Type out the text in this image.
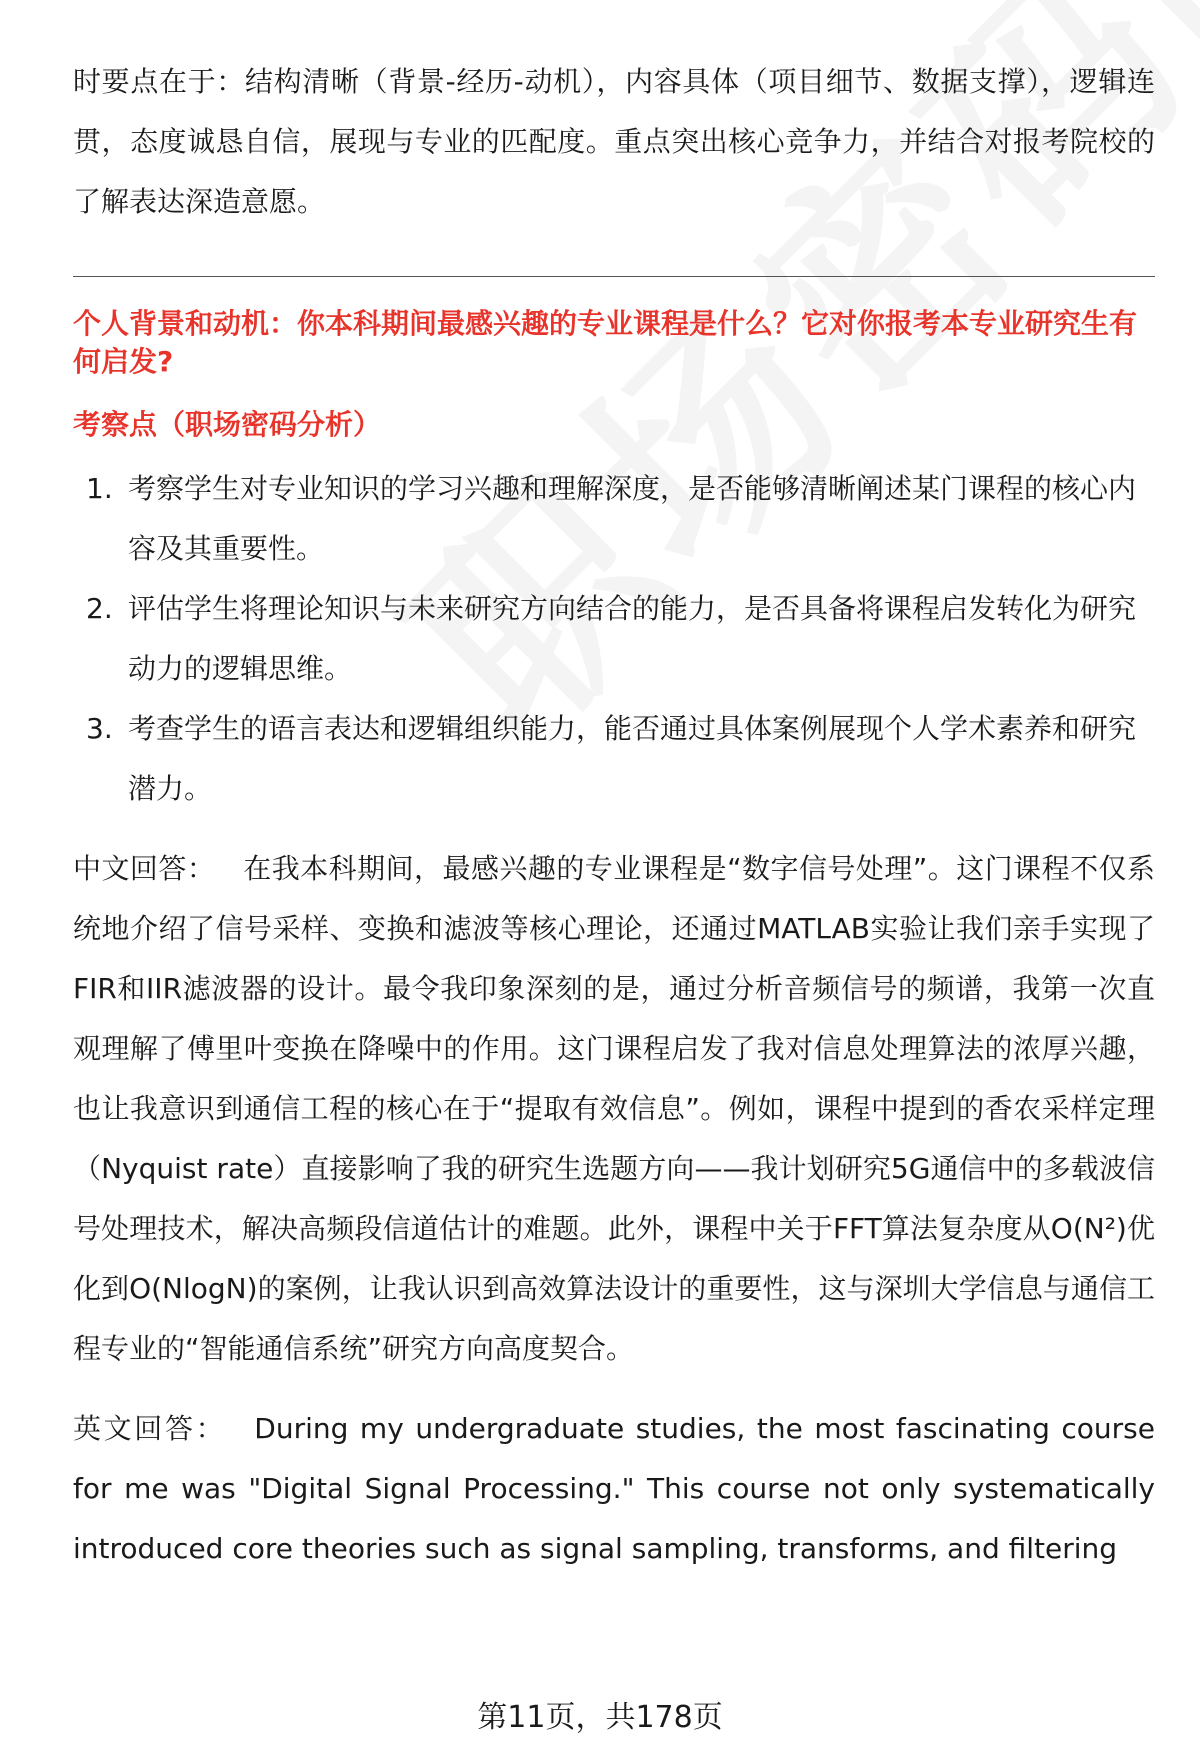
时要点在于：结构清晰（背景-经历-动机），内容具体（项目细节、数据支撑），逻辑连贯，态度诚恳自信，展现与专业的匹配度。重点突出核心竞争力，并结合对报考院校的了解表达深造意愿。

个人背景和动机：你本科期间最感兴趣的专业课程是什么？它对你报考本专业研究生有何启发?

考察点（职场密码分析）

1. 考察学生对专业知识的学习兴趣和理解深度，是否能够清晰阐述某门课程的核心内容及其重要性。
2. 评估学生将理论知识与未来研究方向结合的能力，是否具备将课程启发转化为研究动力的逻辑思维。
3. 考查学生的语言表达和逻辑组织能力，能否通过具体案例展现个人学术素养和研究潜力。

中文回答： 在我本科期间，最感兴趣的专业课程是“数字信号处理”。这门课程不仅系统地介绍了信号采样、变换和滤波等核心理论，还通过MATLAB实验让我们亲手实现了FIR和IIR滤波器的设计。最令我印象深刻的是，通过分析音频信号的频谱，我第一次直观理解了傅里叶变换在降噪中的作用。这门课程启发了我对信息处理算法的浓厚兴趣，也让我意识到通信工程的核心在于“提取有效信息”。例如，课程中提到的香农采样定理（Nyquist rate）直接影响了我的研究生选题方向——我计划研究5G通信中的多载波信号处理技术，解决高频段信道估计的难题。此外，课程中关于FFT算法复杂度从O(N²)优化到O(NlogN)的案例，让我认识到高效算法设计的重要性，这与深圳大学信息与通信工程专业的“智能通信系统”研究方向高度契合。

英文回答： During my undergraduate studies, the most fascinating course for me was "Digital Signal Processing." This course not only systematically introduced core theories such as signal sampling, transforms, and filtering

第11页，共178页
